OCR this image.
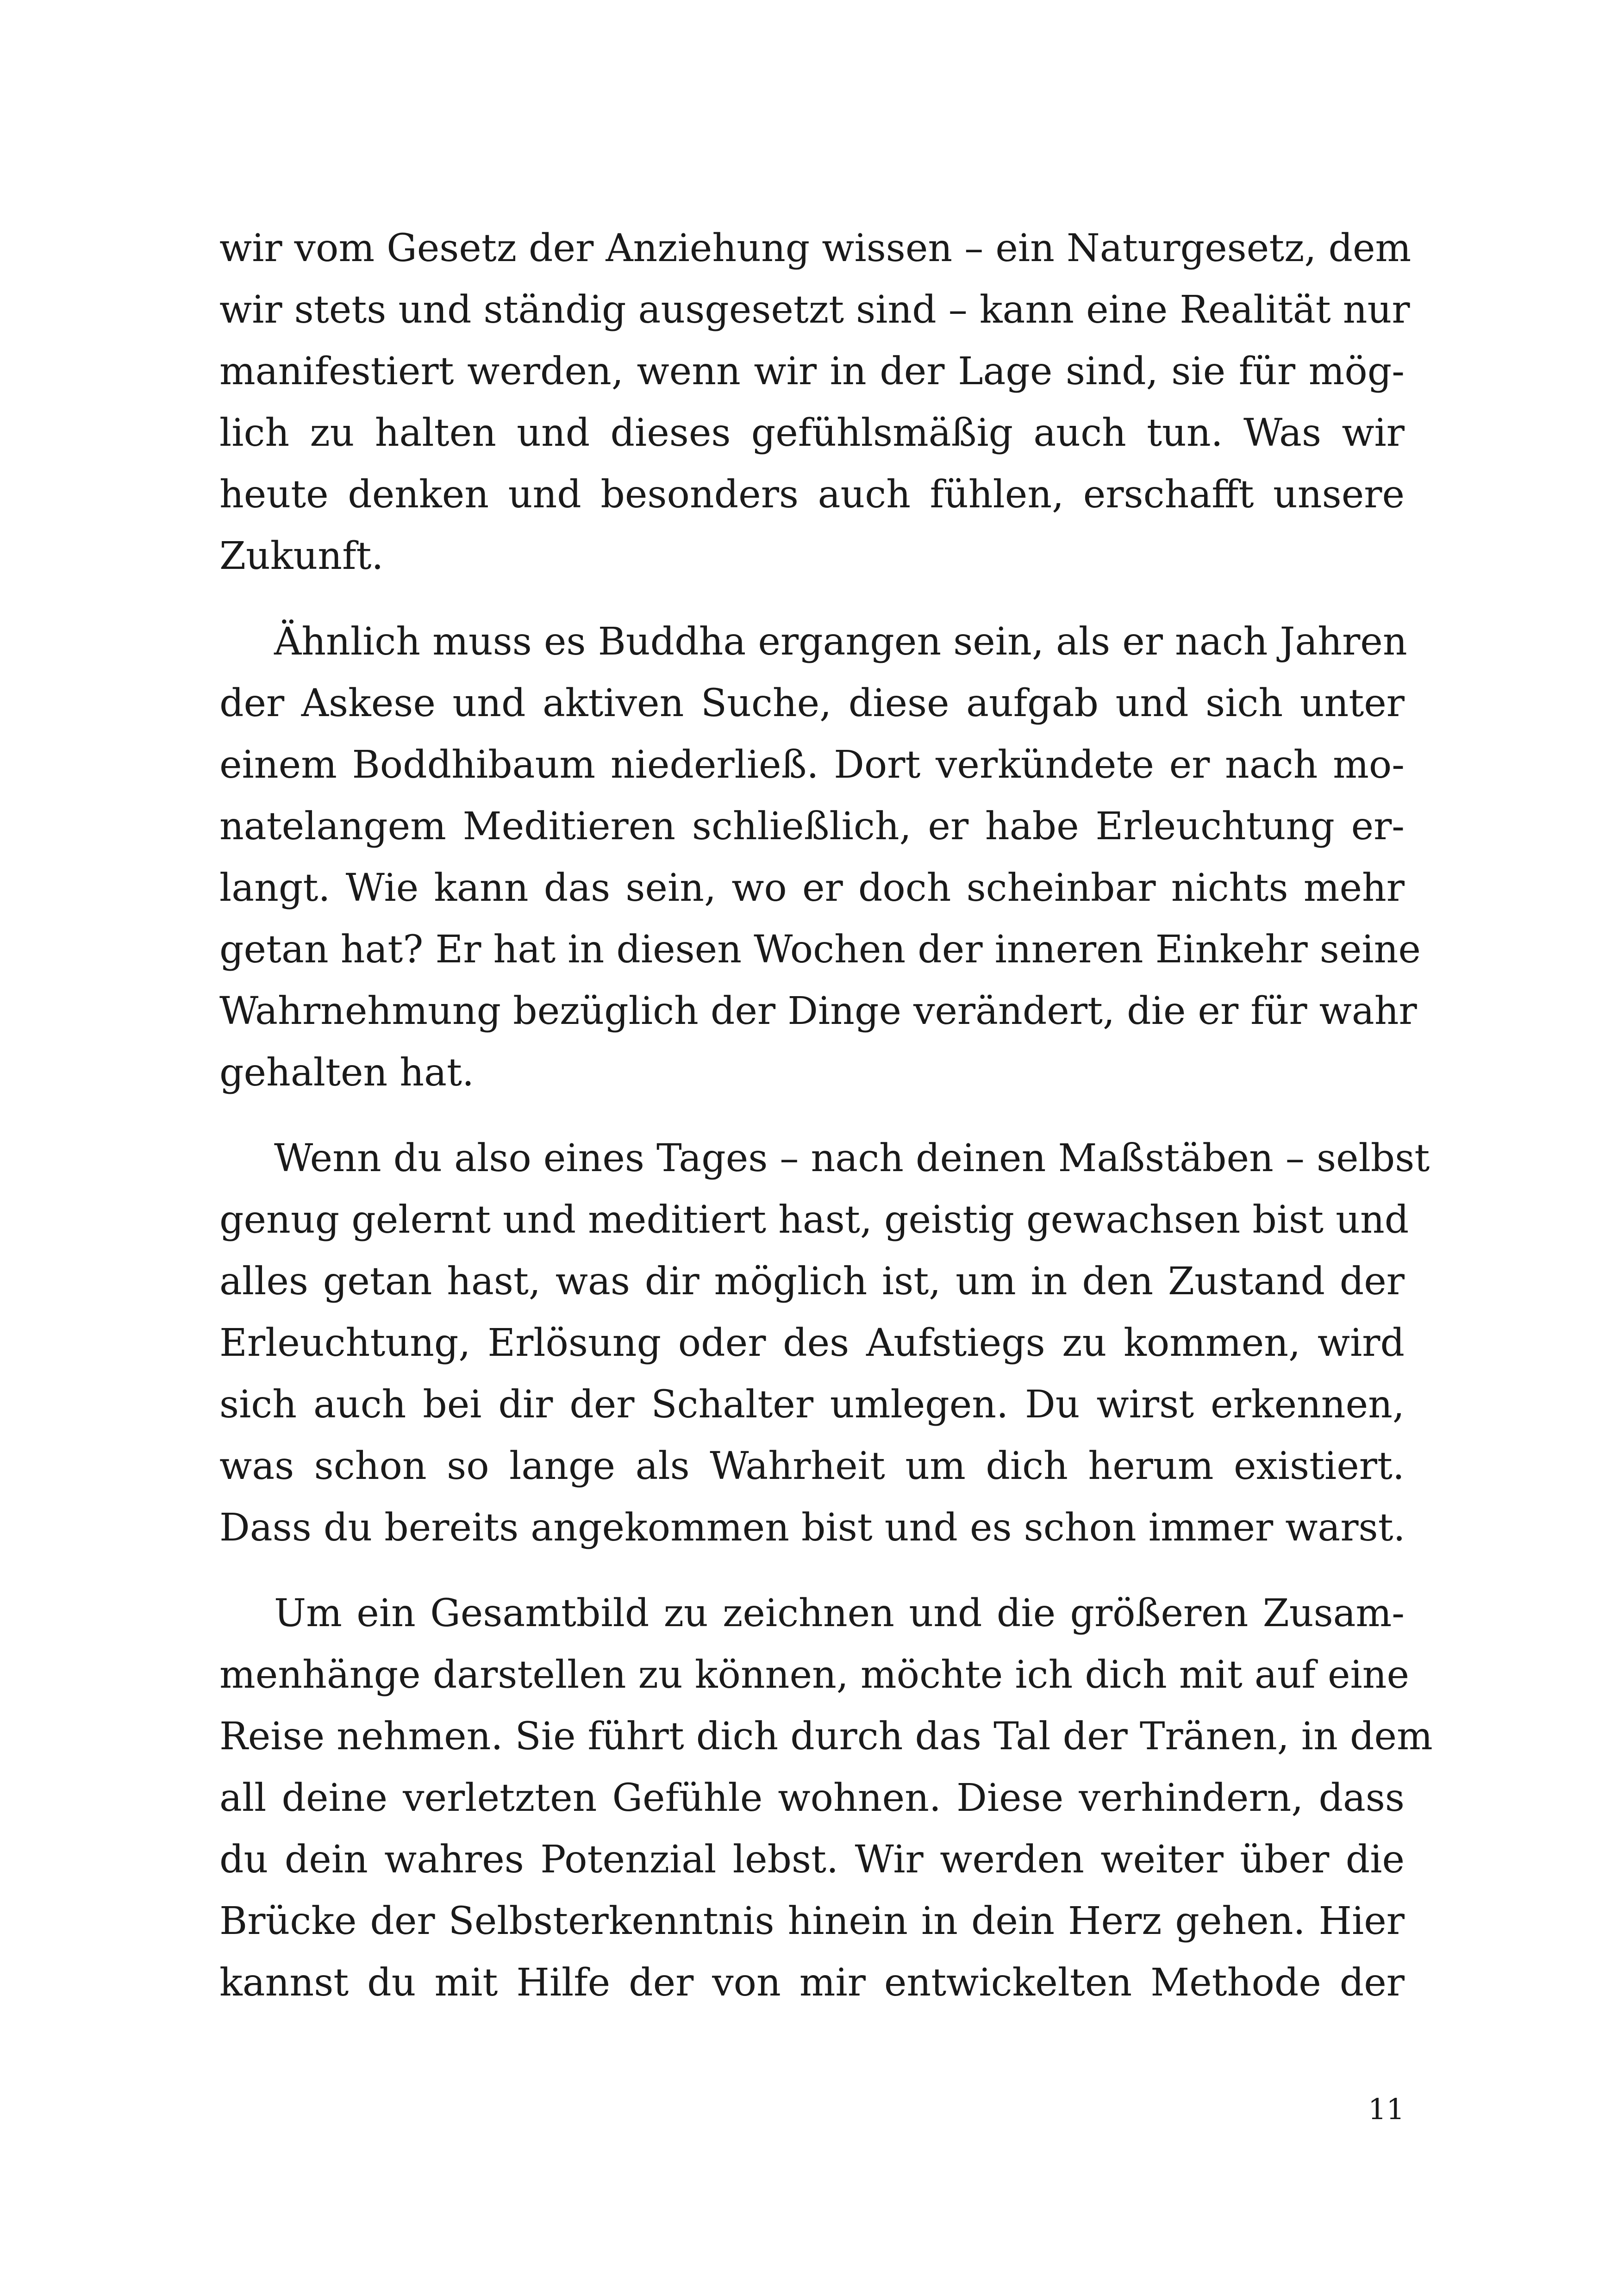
wir vom Gesetz der Anziehung wissen – ein Naturgesetz, dem
wir stets und ständig ausgesetzt sind – kann eine Realität nur
manifestiert werden, wenn wir in der Lage sind, sie für mög-
lich zu halten und dieses gefühlsmäßig auch tun. Was wir
heute denken und besonders auch fühlen, erschafft unsere
Zukunft.
Ähnlich muss es Buddha ergangen sein, als er nach Jahren
der Askese und aktiven Suche, diese aufgab und sich unter
einem Boddhibaum niederließ. Dort verkündete er nach mo-
natelangem Meditieren schließlich, er habe Erleuchtung er-
langt. Wie kann das sein, wo er doch scheinbar nichts mehr
getan hat? Er hat in diesen Wochen der inneren Einkehr seine
Wahrnehmung bezüglich der Dinge verändert, die er für wahr
gehalten hat.
Wenn du also eines Tages – nach deinen Maßstäben – selbst
genug gelernt und meditiert hast, geistig gewachsen bist und
alles getan hast, was dir möglich ist, um in den Zustand der
Erleuchtung, Erlösung oder des Aufstiegs zu kommen, wird
sich auch bei dir der Schalter umlegen. Du wirst erkennen,
was schon so lange als Wahrheit um dich herum existiert.
Dass du bereits angekommen bist und es schon immer warst.
Um ein Gesamtbild zu zeichnen und die größeren Zusam-
menhänge darstellen zu können, möchte ich dich mit auf eine
Reise nehmen. Sie führt dich durch das Tal der Tränen, in dem
all deine verletzten Gefühle wohnen. Diese verhindern, dass
du dein wahres Potenzial lebst. Wir werden weiter über die
Brücke der Selbsterkenntnis hinein in dein Herz gehen. Hier
kannst du mit Hilfe der von mir entwickelten Methode der
11
